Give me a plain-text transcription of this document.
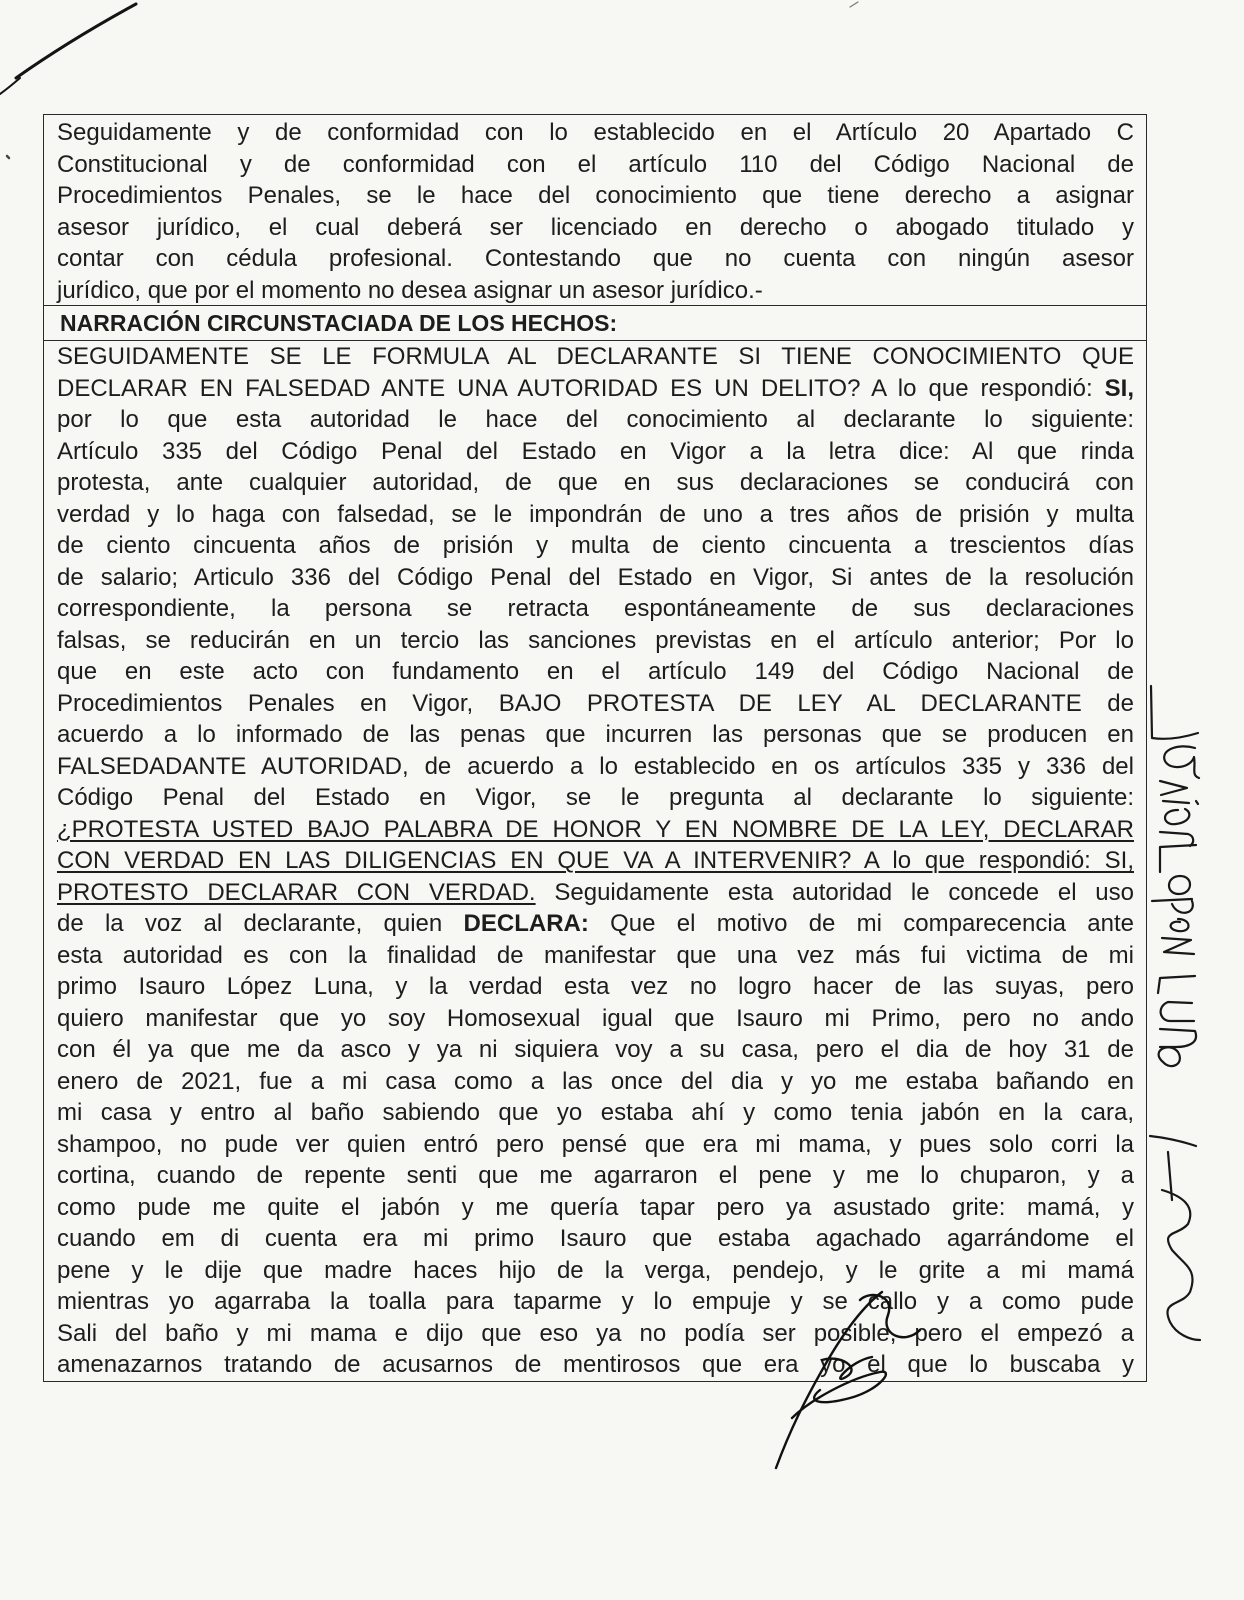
Seguidamente y de conformidad con lo establecido en el Artículo 20 Apartado C
Constitucional y de conformidad con el artículo 110 del Código Nacional de
Procedimientos Penales, se le hace del conocimiento que tiene derecho a asignar
asesor jurídico, el cual deberá ser licenciado en derecho o abogado titulado y
contar con cédula profesional. Contestando que no cuenta con ningún asesor
jurídico, que por el momento no desea asignar un asesor jurídico.-
NARRACIÓN CIRCUNSTACIADA DE LOS HECHOS:
SEGUIDAMENTE SE LE FORMULA AL DECLARANTE SI TIENE CONOCIMIENTO QUE
DECLARAR EN FALSEDAD ANTE UNA AUTORIDAD ES UN DELITO? A lo que respondió: SI,
por lo que esta autoridad le hace del conocimiento al declarante lo siguiente:
Artículo 335 del Código Penal del Estado en Vigor a la letra dice: Al que rinda
protesta, ante cualquier autoridad, de que en sus declaraciones se conducirá con
verdad y lo haga con falsedad, se le impondrán de uno a tres años de prisión y multa
de ciento cincuenta años de prisión y multa de ciento cincuenta a trescientos días
de salario; Articulo 336 del Código Penal del Estado en Vigor, Si antes de la resolución
correspondiente, la persona se retracta espontáneamente de sus declaraciones
falsas, se reducirán en un tercio las sanciones previstas en el artículo anterior; Por lo
que en este acto con fundamento en el artículo 149 del Código Nacional de
Procedimientos Penales en Vigor, BAJO PROTESTA DE LEY AL DECLARANTE de
acuerdo a lo informado de las penas que incurren las personas que se producen en
FALSEDADANTE AUTORIDAD, de acuerdo a lo establecido en os artículos 335 y 336 del
Código Penal del Estado en Vigor, se le pregunta al declarante lo siguiente:
¿PROTESTA USTED BAJO PALABRA DE HONOR Y EN NOMBRE DE LA LEY, DECLARAR
CON VERDAD EN LAS DILIGENCIAS EN QUE VA A INTERVENIR? A lo que respondió: SI,
PROTESTO DECLARAR CON VERDAD. Seguidamente esta autoridad le concede el uso
de la voz al declarante, quien DECLARA: Que el motivo de mi comparecencia ante
esta autoridad es con la finalidad de manifestar que una vez más fui victima de mi
primo Isauro López Luna, y la verdad esta vez no logro hacer de las suyas, pero
quiero manifestar que yo soy Homosexual igual que Isauro mi Primo, pero no ando
con él ya que me da asco y ya ni siquiera voy a su casa, pero el dia de hoy 31 de
enero de 2021, fue a mi casa como a las once del dia y yo me estaba bañando en
mi casa y entro al baño sabiendo que yo estaba ahí y como tenia jabón en la cara,
shampoo, no pude ver quien entró pero pensé que era mi mama, y pues solo corri la
cortina, cuando de repente senti que me agarraron el pene y me lo chuparon, y a
como pude me quite el jabón y me quería tapar pero ya asustado grite: mamá, y
cuando em di cuenta era mi primo Isauro que estaba agachado agarrándome el
pene y le dije que madre haces hijo de la verga, pendejo, y le grite a mi mamá
mientras yo agarraba la toalla para taparme y lo empuje y se callo y a como pude
Sali del baño y mi mama e dijo que eso ya no podía ser posible, pero el empezó a
amenazarnos tratando de acusarnos de mentirosos que era yo el que lo buscaba y
